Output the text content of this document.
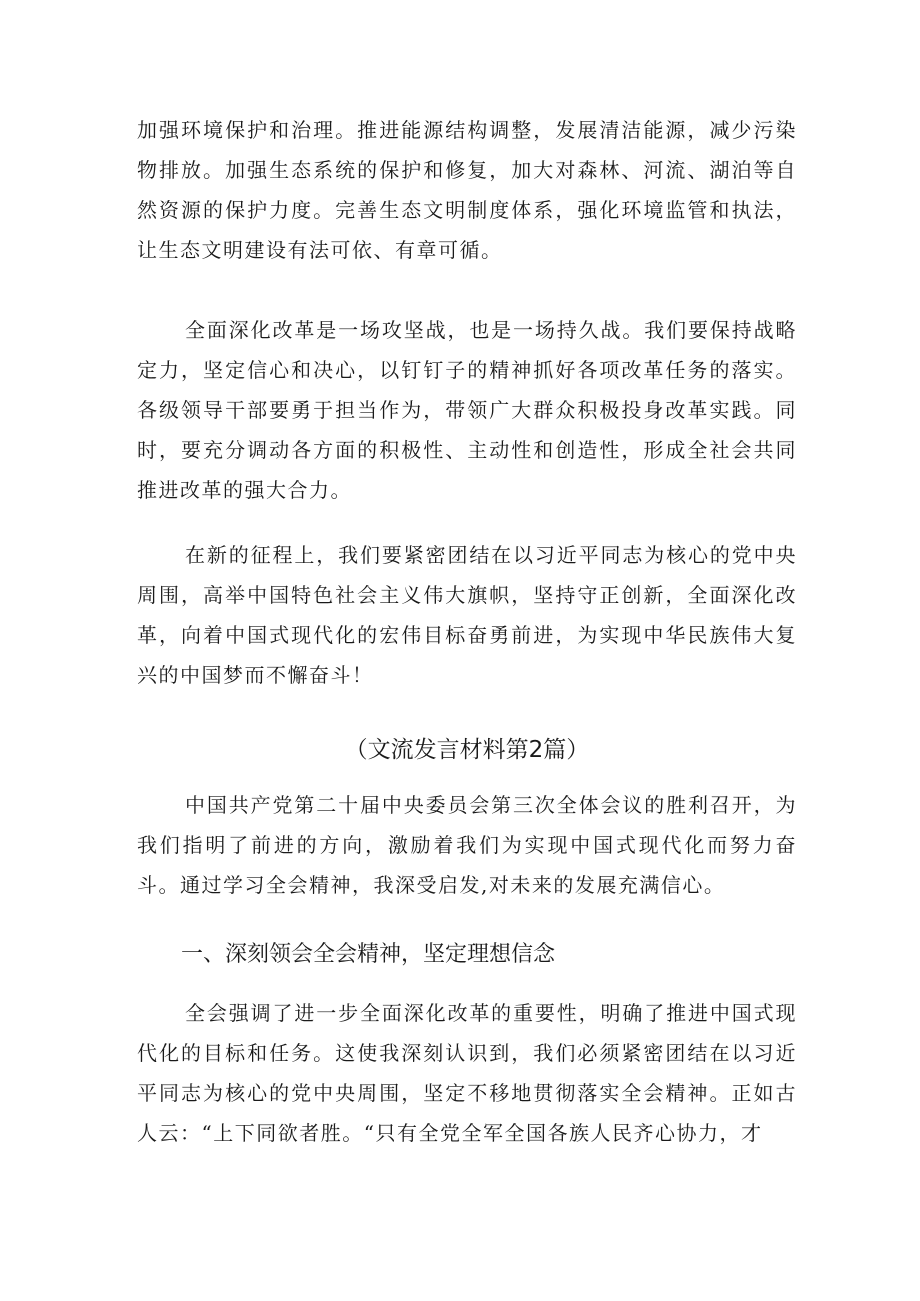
加强环境保护和治理。推进能源结构调整，发展清洁能源，减少污染物排放。加强生态系统的保护和修复，加大对森林、河流、湖泊等自然资源的保护力度。完善生态文明制度体系，强化环境监管和执法，让生态文明建设有法可依、有章可循。

全面深化改革是一场攻坚战，也是一场持久战。我们要保持战略定力，坚定信心和决心，以钉钉子的精神抓好各项改革任务的落实。各级领导干部要勇于担当作为，带领广大群众积极投身改革实践。同时，要充分调动各方面的积极性、主动性和创造性，形成全社会共同推进改革的强大合力。

在新的征程上，我们要紧密团结在以习近平同志为核心的党中央周围，高举中国特色社会主义伟大旗帜，坚持守正创新，全面深化改革，向着中国式现代化的宏伟目标奋勇前进，为实现中华民族伟大复兴的中国梦而不懈奋斗！

（文流发言材料第2篇）

中国共产党第二十届中央委员会第三次全体会议的胜利召开，为我们指明了前进的方向，激励着我们为实现中国式现代化而努力奋斗。通过学习全会精神，我深受启发,对未来的发展充满信心。

一、深刻领会全会精神，坚定理想信念

全会强调了进一步全面深化改革的重要性，明确了推进中国式现代化的目标和任务。这使我深刻认识到，我们必须紧密团结在以习近平同志为核心的党中央周围，坚定不移地贯彻落实全会精神。正如古人云：“上下同欲者胜。“只有全党全军全国各族人民齐心协力，才
